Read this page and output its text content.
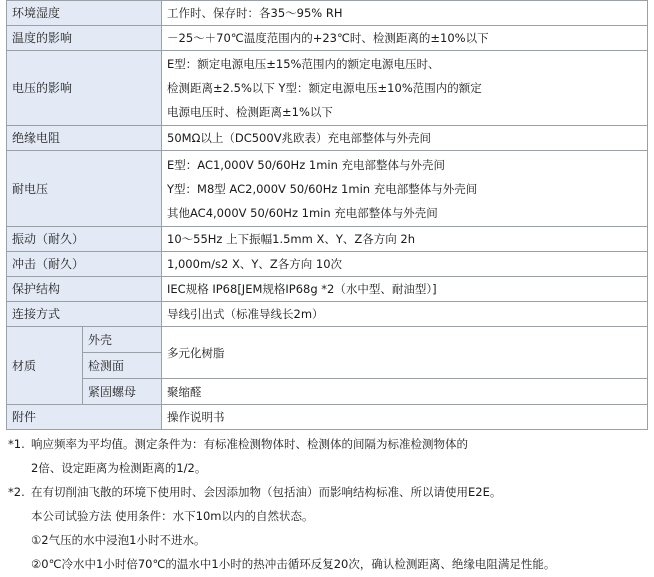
环境湿度		工作时、保存时：各35～95% RH
温度的影响		－25～＋70℃温度范围内的+23℃时、检测距离的±10%以下
电压的影响		E型：额定电源电压±15%范围内的额定电源电压时、
检测距离±2.5%以下 Y型：额定电源电压±10%范围内的额定
电源电压时、检测距离±1%以下

绝缘电阻		50MΩ以上（DC500V兆欧表）充电部整体与外壳间
耐电压		E型：AC1,000V 50/60Hz 1min 充电部整体与外壳间
Y型：M8型 AC2,000V 50/60Hz 1min 充电部整体与外壳间
其他AC4,000V 50/60Hz 1min 充电部整体与外壳间

振动（耐久）		10～55Hz 上下振幅1.5mm X、Y、Z各方向 2h
冲击（耐久）		1,000m/s2 X、Y、Z各方向 10次
保护结构		IEC规格 IP68[JEM规格IP68g *2（水中型、耐油型）]
连接方式		导线引出式（标准导线长2m）
材质	外壳	多元化树脂
	检测面	
	紧固螺母	聚缩醛
附件		操作说明书
*1. 响应频率为平均值。测定条件为：有标准检测物体时、检测体的间隔为标准检测物体的
2倍、设定距离为检测距离的1/2。
*2. 在有切削油飞散的环境下使用时、会因添加物（包括油）而影响结构标准、所以请使用E2E。
本公司试验方法 使用条件：水下10m以内的自然状态。
①2气压的水中浸泡1小时不进水。
②0℃冷水中1小时倍70℃的温水中1小时的热冲击循环反复20次，确认检测距离、绝缘电阻满足性能。
